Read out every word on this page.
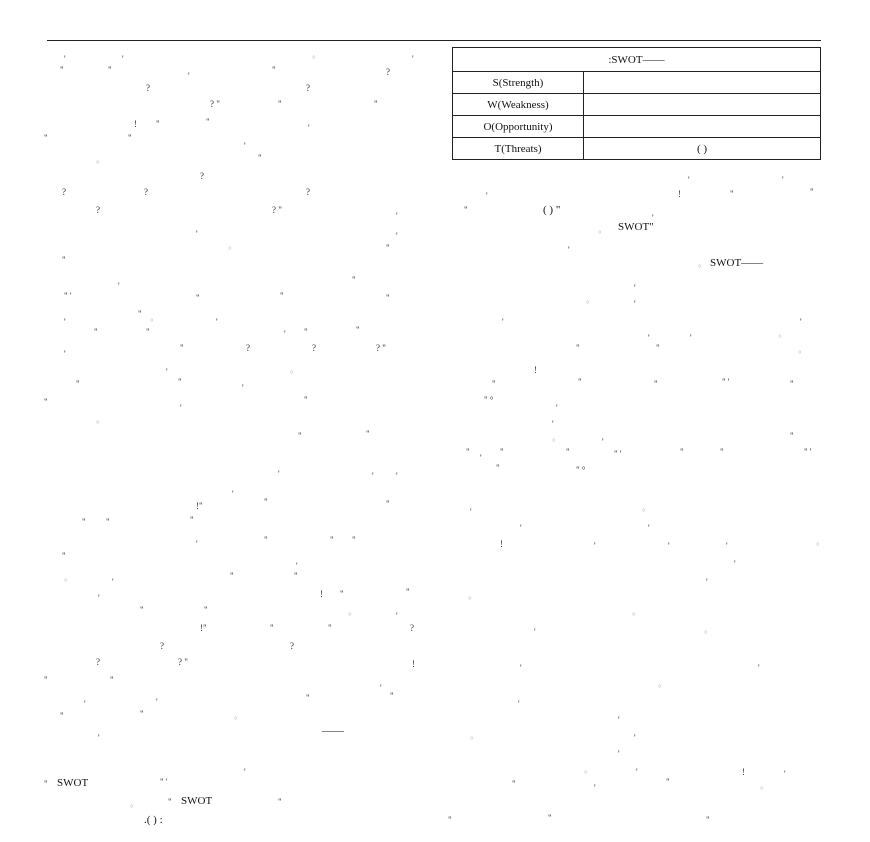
:SWOT——	
S(Strength)	
W(Weakness)	
O(Opportunity)	
T(Threats)	( )
SWOT"
SWOT——
( ) "
SWOT
SWOT
.( ) :
——
'	'	'
°
"	"	"	?
'
?	?
? "	"	"
! "	"
'
"	"
'
"
°
?	'	'
?	?	?	'	!	"	"
?	? "
'
"
'
'	'	°
°	"	'
"
°
'
"
'
" '	"	"	"
°	'
"
°
'	'	'	'
"	"	' "	"
'	'	°
'
"	?	?	? "	"	"
°
'	°	!
"	"
'	"	"	"	" '	"
"	"
'
" °
'
°	'
"	"	"
°	'
"
'
"	"	" '	"	"	" '
"	" °
'	' '
'
!"	"	"
'	°
" "	"
'	'
'	"	" "	!	'	'	'	°
"
'	'
°	'
"	"
'
'	! "	"
°
"	"
°	'	°
!"	"	"	?	'	°
?	?
?	? "	!	'	'
"	"
'	°
'	'	"	"
'
"	"
°	'
'	°	'
'
"	" '
'	°	'	!	'
"	'
"
°
°
"	"
"	"	"
